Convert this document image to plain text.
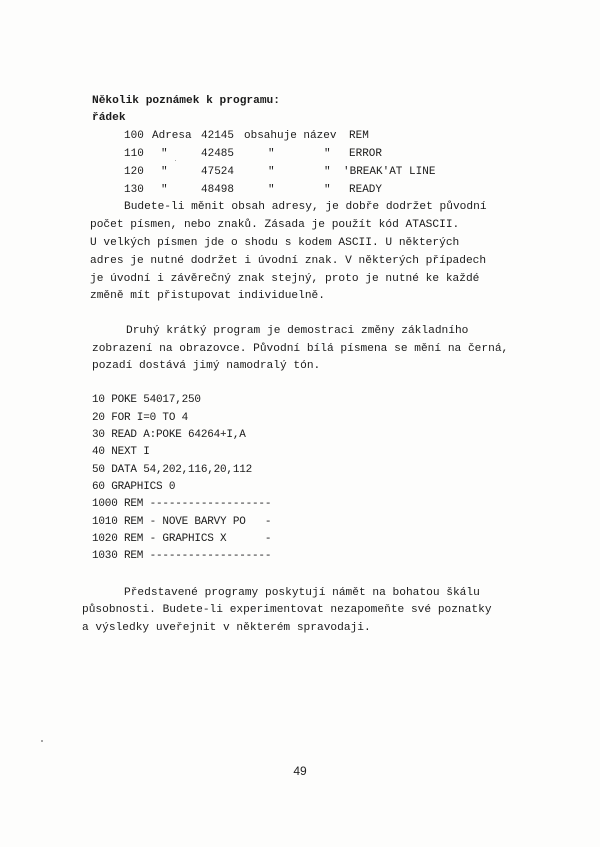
Několik poznámek k programu:
řádek
100 Adresa 42145 obsahuje název REM
110 "	42485	"	" ERROR
120 "	47524	"	" 'BREAK'AT LINE
130 "	48498	"	" READY
Budete-li měnit obsah adresy, je dobře dodržet původní
počet písmen, nebo znaků. Zásada je použít kód ATASCII.
U velkých písmen jde o shodu s kodem ASCII. U některých
adres je nutné dodržet i úvodní znak. V některých případech
je úvodní i závěrečný znak stejný, proto je nutné ke každé
změně mít přistupovat individuelně.
Druhý krátký program je demostraci změny základního
zobrazení na obrazovce. Původní bílá písmena se mění na černá,
pozadí dostává jimý namodralý tón.
10 POKE 54017,250
20 FOR I=0 TO 4
30 READ A:POKE 64264+I,A
40 NEXT I
50 DATA 54,202,116,20,112
60 GRAPHICS 0
1000 REM -------------------
1010 REM - NOVE BARVY PO   -
1020 REM - GRAPHICS X      -
1030 REM -------------------
Představené programy poskytují námět na bohatou škálu
působnosti. Budete-li experimentovat nezapomeňte své poznatky
a výsledky uveřejnit v některém spravodaji.
49
